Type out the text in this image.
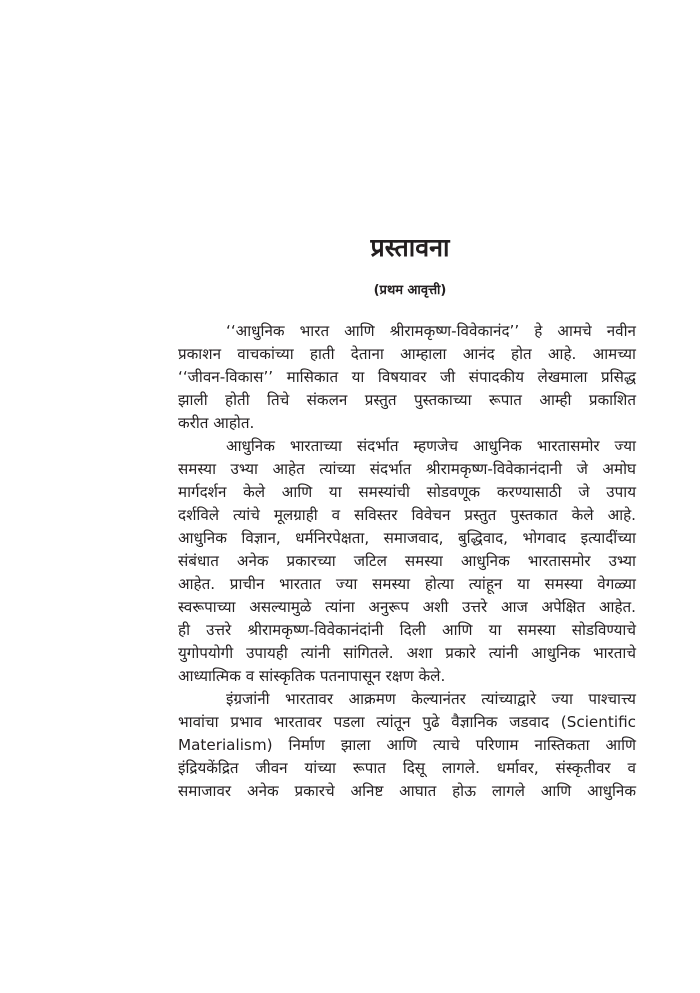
प्रस्तावना
(प्रथम आवृत्ती)
‘‘आधुनिक भारत आणि श्रीरामकृष्ण-विवेकानंद’’ हे आमचे नवीन
प्रकाशन वाचकांच्या हाती देताना आम्हाला आनंद होत आहे. आमच्या
‘‘जीवन-विकास’’ मासिकात या विषयावर जी संपादकीय लेखमाला प्रसिद्ध
झाली होती तिचे संकलन प्रस्तुत पुस्तकाच्या रूपात आम्ही प्रकाशित
करीत आहोत.
आधुनिक भारताच्या संदर्भात म्हणजेच आधुनिक भारतासमोर ज्या
समस्या उभ्या आहेत त्यांच्या संदर्भात श्रीरामकृष्ण-विवेकानंदानी जे अमोघ
मार्गदर्शन केले आणि या समस्यांची सोडवणूक करण्यासाठी जे उपाय
दर्शविले त्यांचे मूलग्राही व सविस्तर विवेचन प्रस्तुत पुस्तकात केले आहे.
आधुनिक विज्ञान, धर्मनिरपेक्षता, समाजवाद, बुद्धिवाद, भोगवाद इत्यादींच्या
संबंधात अनेक प्रकारच्या जटिल समस्या आधुनिक भारतासमोर उभ्या
आहेत. प्राचीन भारतात ज्या समस्या होत्या त्यांहून या समस्या वेगळ्या
स्वरूपाच्या असल्यामुळे त्यांना अनुरूप अशी उत्तरे आज अपेक्षित आहेत.
ही उत्तरे श्रीरामकृष्ण-विवेकानंदांनी दिली आणि या समस्या सोडविण्याचे
युगोपयोगी उपायही त्यांनी सांगितले. अशा प्रकारे त्यांनी आधुनिक भारताचे
आध्यात्मिक व सांस्कृतिक पतनापासून रक्षण केले.
इंग्रजांनी भारतावर आक्रमण केल्यानंतर त्यांच्याद्वारे ज्या पाश्चात्त्य
भावांचा प्रभाव भारतावर पडला त्यांतून पुढे वैज्ञानिक जडवाद (Scientific
Materialism) निर्माण झाला आणि त्याचे परिणाम नास्तिकता आणि
इंद्रियकेंद्रित जीवन यांच्या रूपात दिसू लागले. धर्मावर, संस्कृतीवर व
समाजावर अनेक प्रकारचे अनिष्ट आघात होऊ लागले आणि आधुनिक
